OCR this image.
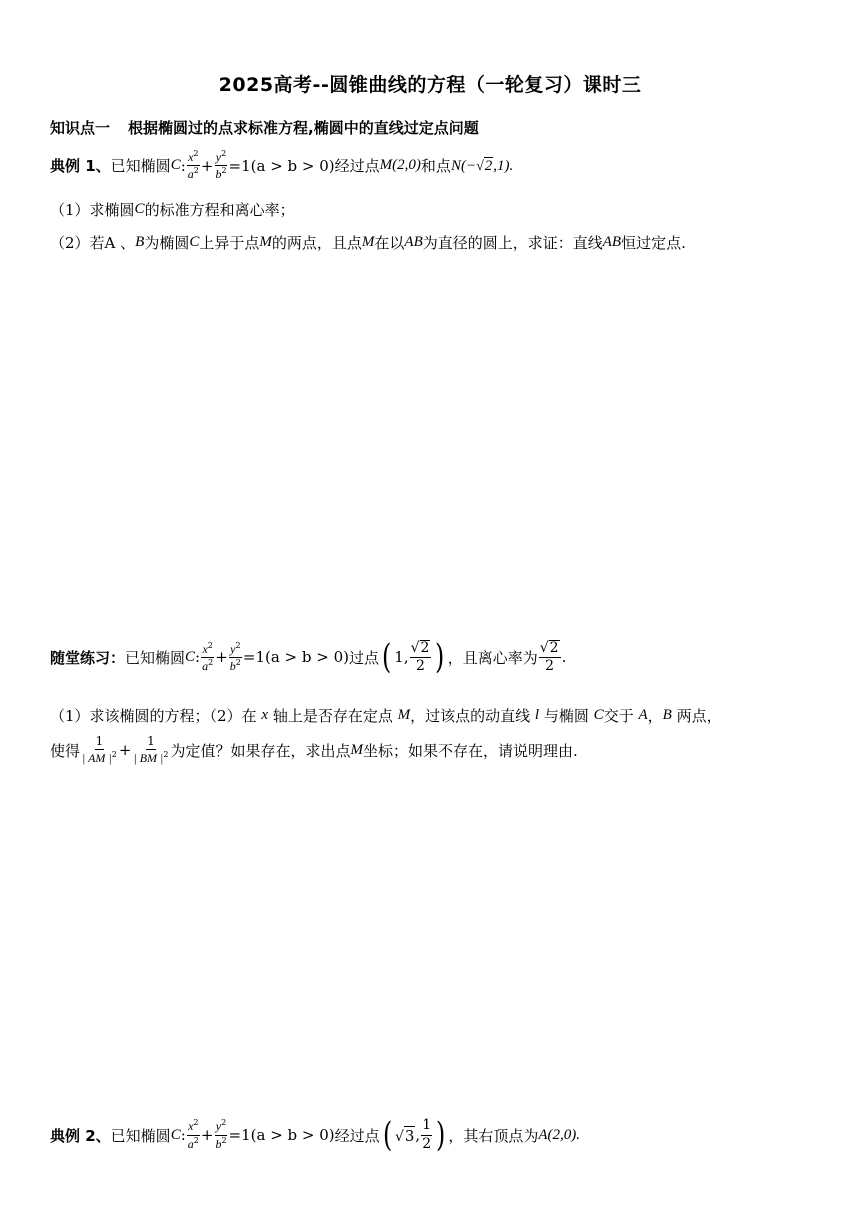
2025高考--圆锥曲线的方程（一轮复习）课时三
知识点一 根据椭圆过的点求标准方程,椭圆中的直线过定点问题
典例 1、 已知椭圆 C : $\frac{x^2}{a^2} + \frac{y^2}{b^2} = 1(a > b > 0)$ 经过点 M(2,0) 和点 N(− √ 2 ,1).
（1）求椭圆 C 的标准方程和离心率；
（2）若A 、 B 为椭圆 C 上异于点 M 的两点，且点 M 在以 AB 为直径的圆上，求证：直线 AB 恒过定点.
随堂练习： 已知椭圆 C : $\frac{x^2}{a^2} + \frac{y^2}{b^2} = 1(a > b > 0)$ 过点 ( 1, $\frac{√ 2}{2}$ ) ，且离心率为 $\frac{√ 2}{2}$ .
（1）求该椭圆的方程；（2）在
x
轴上是否存在定点
M ，过该点的动直线
l
与椭圆
C 交于
A ， B
两点，
使得 $\frac{1}{| AM |^2} + \frac{1}{| BM |^2}$ 为定值？如果存在，求出点 M 坐标；如果不存在，请说明理由.
典例 2、 已知椭圆 C : $\frac{x^2}{a^2} + \frac{y^2}{b^2} = 1(a > b > 0)$ 经过点 ( √ 3 , $\frac{1}{2}$ ) ，其右顶点为 A(2,0).
